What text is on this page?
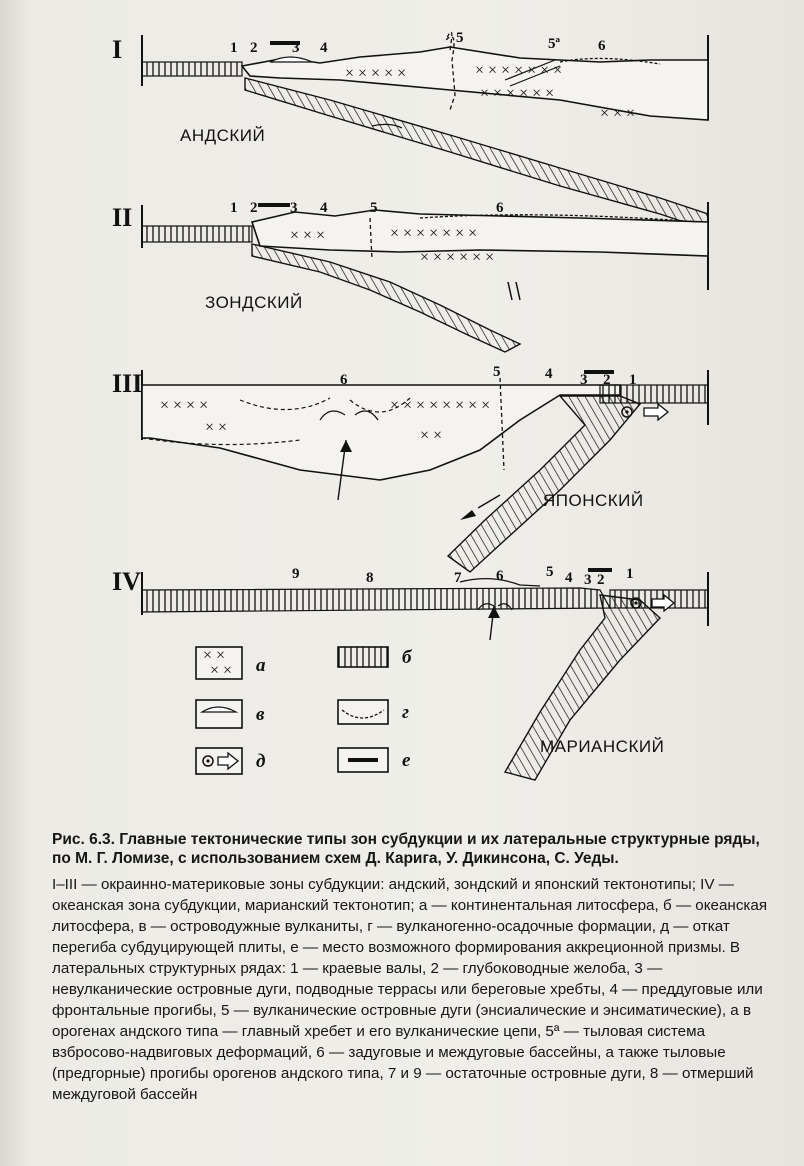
I
× × × × ×	× × × × × × ×
× × × × × ×
× × ×
1 2 3 4
5	5ª	6
АНДСКИЙ
II
× × ×	× × × × × × ×
× × × × × ×
1 2 3 4	5	6
ЗОНДСКИЙ
III
× × × ×
× ×
× × × × × × × ×
× ×
6	5	4 3 2 1
ЯПОНСКИЙ
IV	9	8	7 6	5 4 3 2 1
МАРИАНСКИЙ
× ×
× × а	б
в	г
д	е
Рис. 6.3. Главные тектонические типы зон субдукции и их латеральные структурные ряды, по М. Г. Ломизе, с использованием схем Д. Карига, У. Дикинсона, С. Уеды.
I–III — окраинно-материковые зоны субдукции: андский, зондский и японский тектонотипы; IV — океанская зона субдукции, марианский тектонотип; а — континентальная литосфера, б — океанская литосфера, в — островодужные вулканиты, г — вулканогенно-осадочные формации, д — откат перегиба субдуцирующей плиты, е — место возможного формирования аккреционной призмы. В латеральных структурных рядах: 1 — краевые валы, 2 — глубоководные желоба, 3 — невулканические островные дуги, подводные террасы или береговые хребты, 4 — преддуговые или фронтальные прогибы, 5 — вулканические островные дуги (энсиалические и энсиматические), а в орогенах андского типа — главный хребет и его вулканические цепи, 5ª — тыловая система взбросово-надвиговых деформаций, 6 — задуговые и междуговые бассейны, а также тыловые (предгорные) прогибы орогенов андского типа, 7 и 9 — остаточные островные дуги, 8 — отмерший междуговой бассейн
